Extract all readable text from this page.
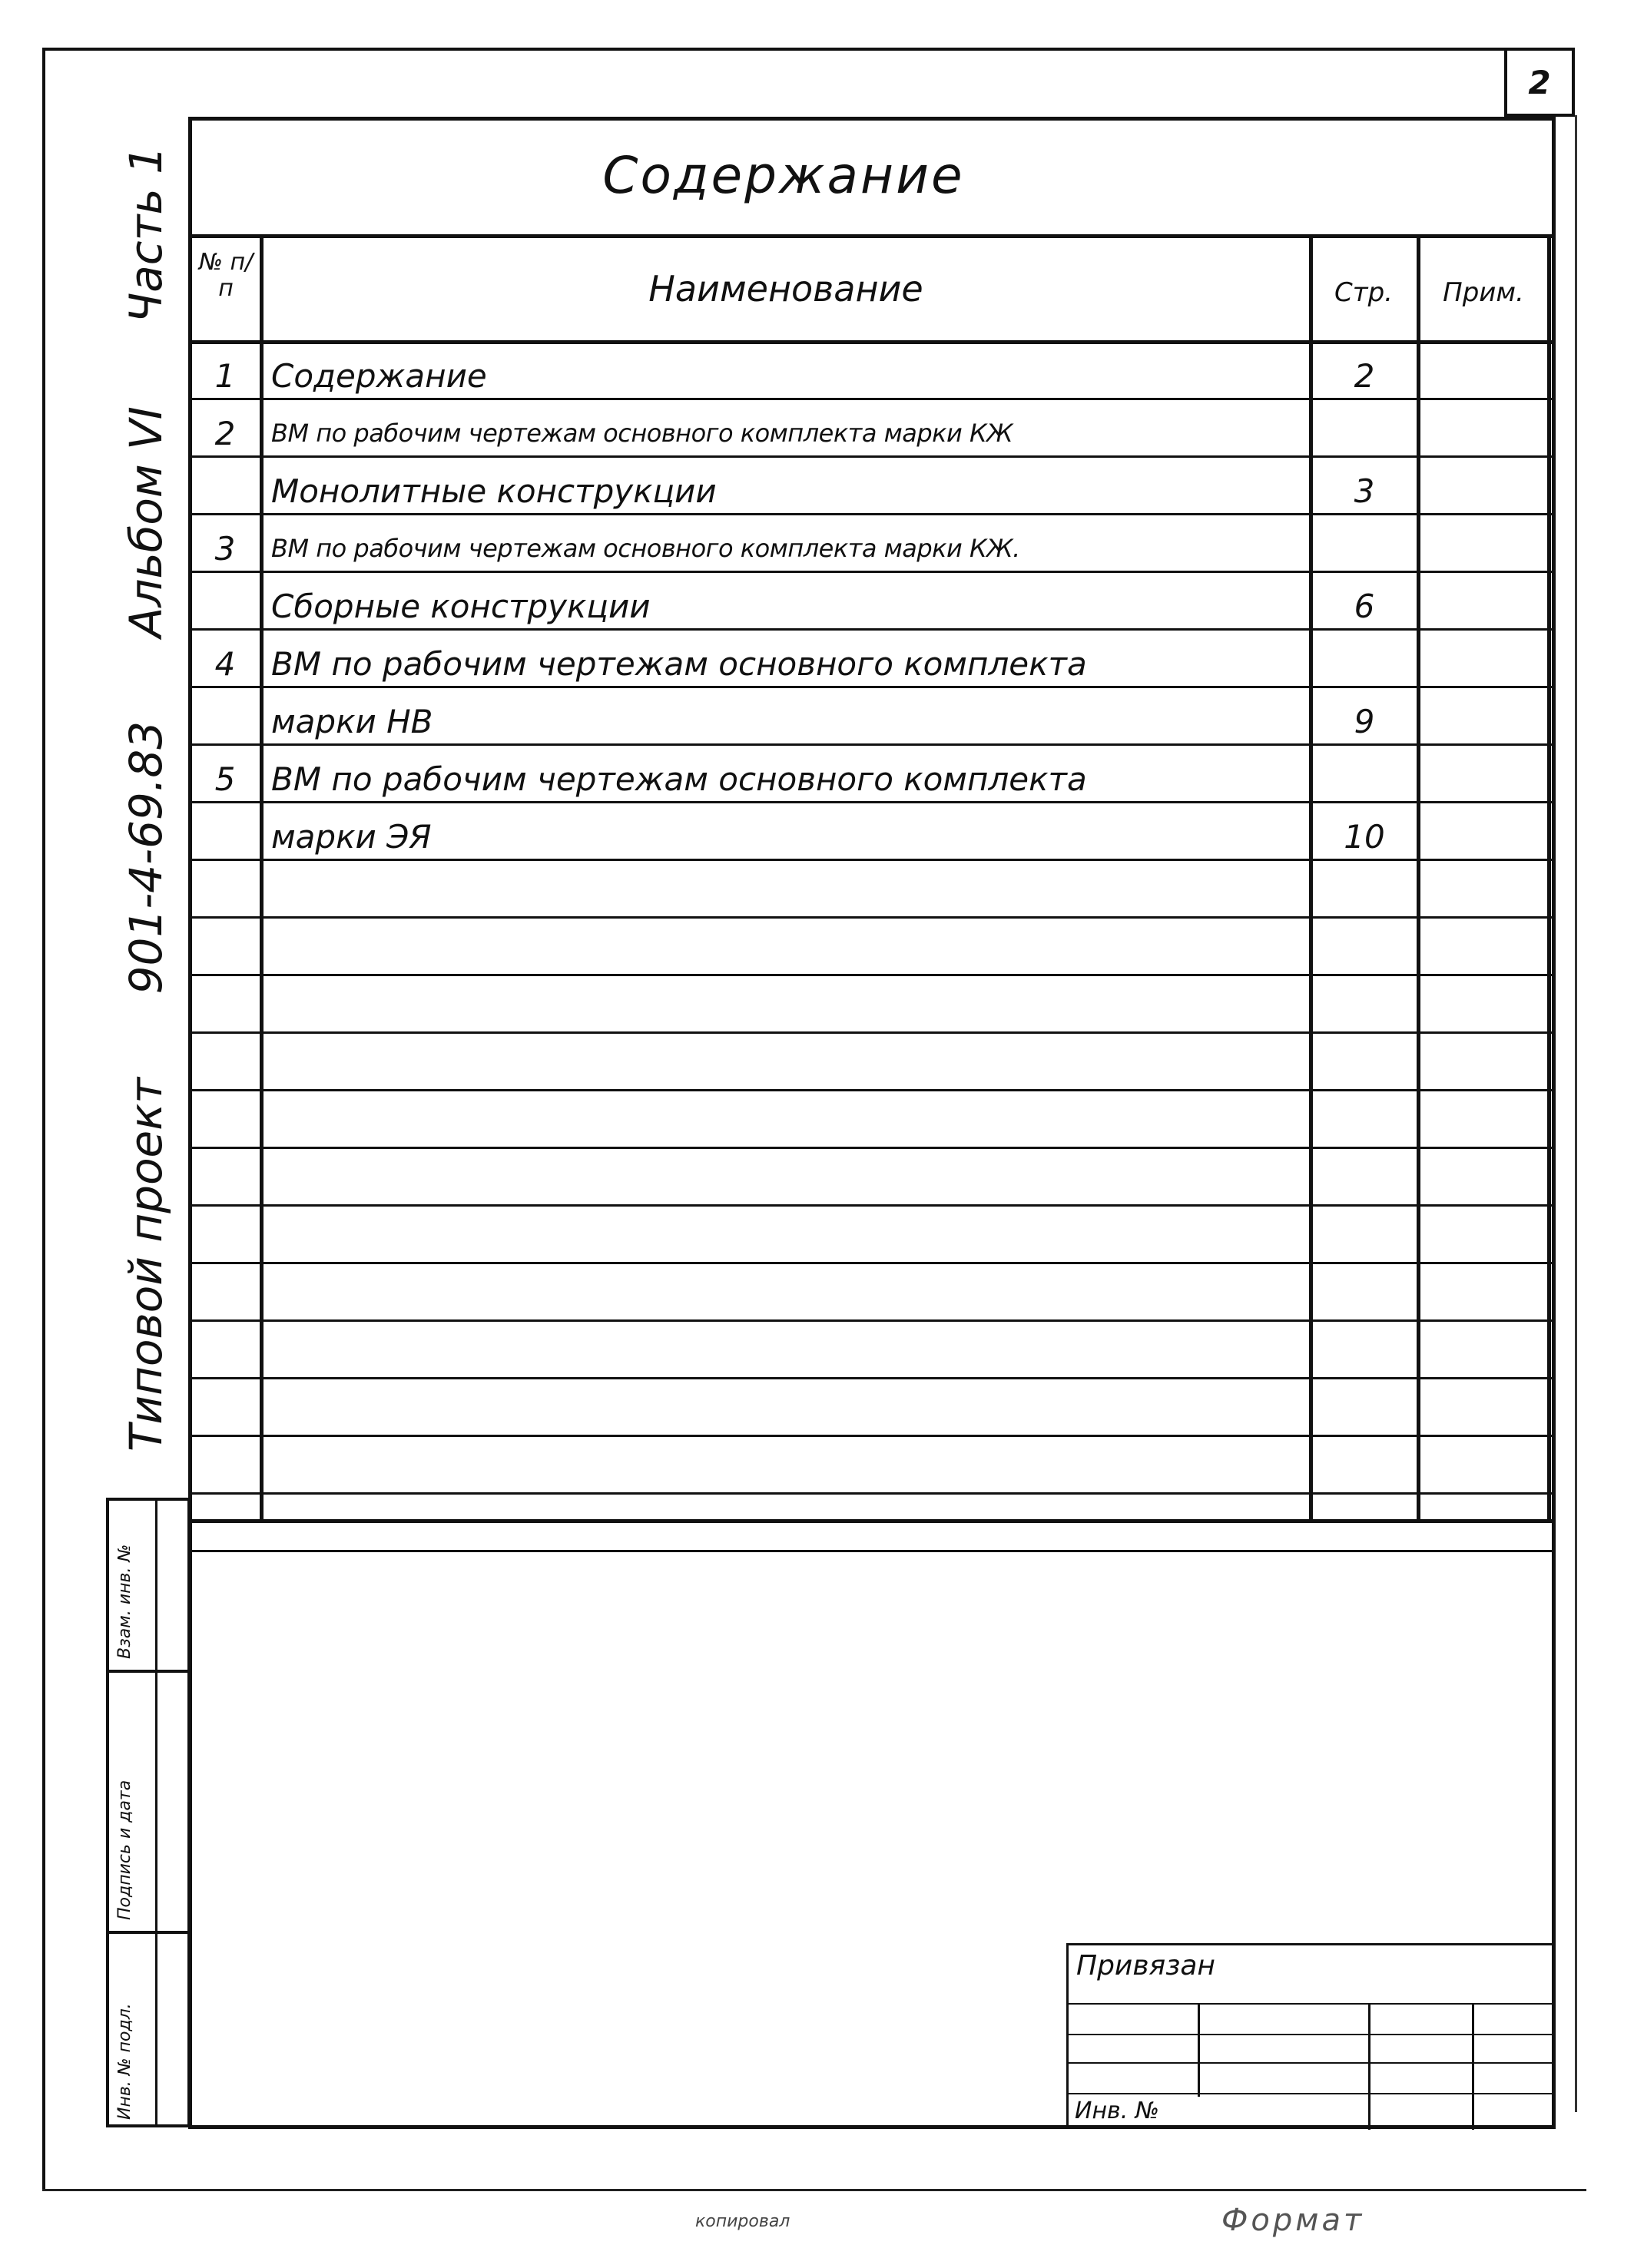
2
Содержание
№ п/п	Наименование	Стр.	Прим.
1	Содержание	2
2	ВМ по рабочим чертежам основного комплекта марки КЖ
Монолитные конструкции	3
3	ВМ по рабочим чертежам основного комплекта марки КЖ.
Сборные конструкции	6
4	ВМ по рабочим чертежам основного комплекта
марки НВ	9
5	ВМ по рабочим чертежам основного комплекта
марки ЭЯ	10
Типовой проект
901-4-69.83
Альбом VI
Часть 1
Взам. инв. №
Подпись и дата
Инв. № подл.
Привязан
Инв. №
копировал	Формат
